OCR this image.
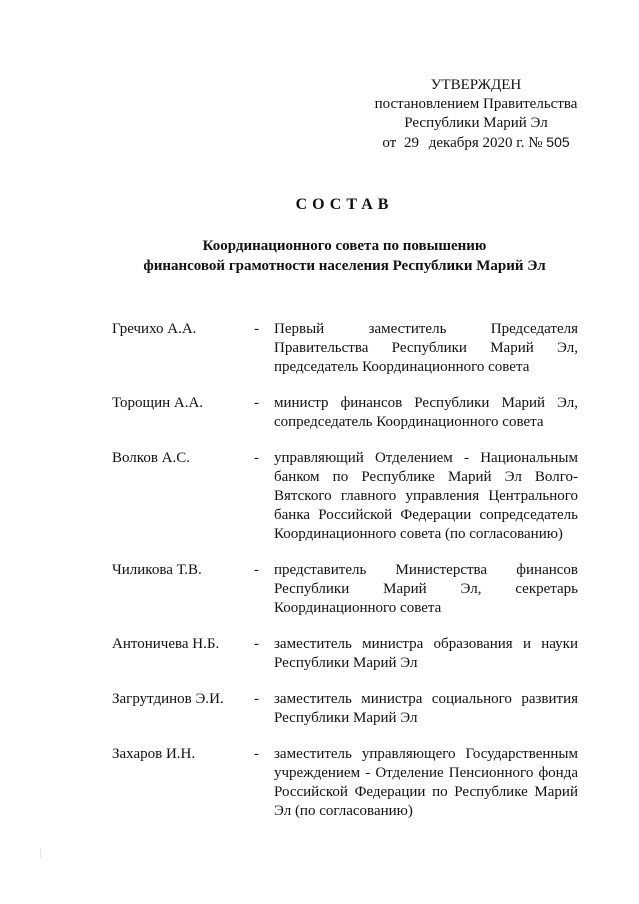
УТВЕРЖДЕН
постановлением Правительства
Республики Марий Эл
от 29 декабря 2020 г. № 505
СОСТАВ
Координационного совета по повышению
финансовой грамотности населения Республики Марий Эл
Гречихо А.А.	-	Первый заместитель Председателя Правительства Республики Марий Эл, председатель Координационного совета
Торощин А.А.	-	министр финансов Республики Марий Эл, сопредседатель Координационного совета
Волков А.С.	-	управляющий Отделением - Национальным банком по Республике Марий Эл Волго-Вятского главного управления Центрального банка Российской Федерации сопредседатель Координационного совета (по согласованию)
Чиликова Т.В.	-	представитель Министерства финансов Республики Марий Эл, секретарь Координационного совета
Антоничева Н.Б.	-	заместитель министра образования и науки Республики Марий Эл
Загрутдинов Э.И.	-	заместитель министра социального развития Республики Марий Эл
Захаров И.Н.	-	заместитель управляющего Государственным учреждением - Отделение Пенсионного фонда Российской Федерации по Республике Марий Эл (по согласованию)
